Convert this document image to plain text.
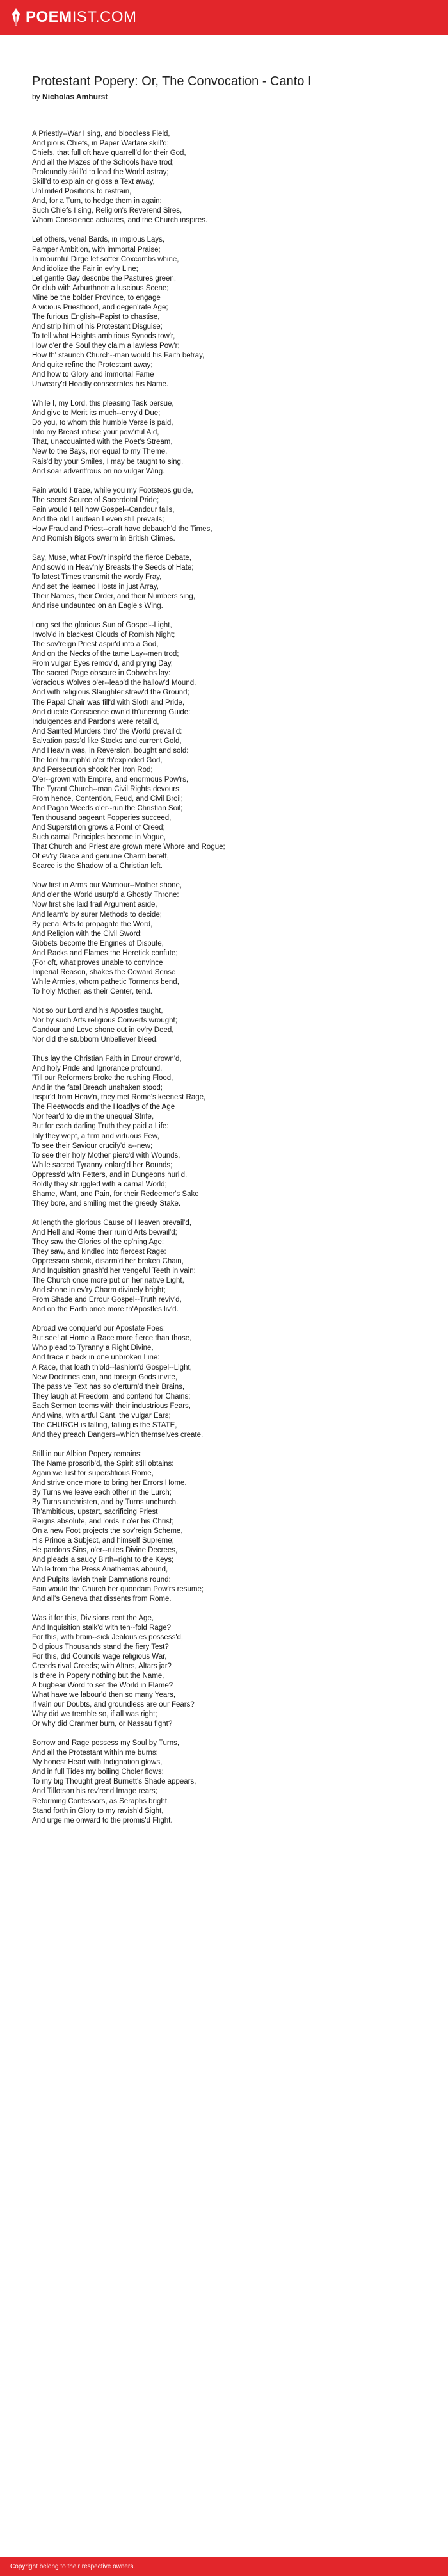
POEMIST.COM
Protestant Popery: Or, The Convocation - Canto I
by Nicholas Amhurst
A Priestly--War I sing, and bloodless Field,
And pious Chiefs, in Paper Warfare skill'd;
Chiefs, that full oft have quarrell'd for their God,
And all the Mazes of the Schools have trod;
Profoundly skill'd to lead the World astray;
Skill'd to explain or gloss a Text away,
Unlimited Positions to restrain,
And, for a Turn, to hedge them in again:
Such Chiefs I sing, Religion's Reverend Sires,
Whom Conscience actuates, and the Church inspires.
Let others, venal Bards, in impious Lays,
Pamper Ambition, with immortal Praise;
In mournful Dirge let softer Coxcombs whine,
And idolize the Fair in ev'ry Line;
Let gentle Gay describe the Pastures green,
Or club with Arburthnott a luscious Scene;
Mine be the bolder Province, to engage
A vicious Priesthood, and degen'rate Age;
The furious English--Papist to chastise,
And strip him of his Protestant Disguise;
To tell what Heights ambitious Synods tow'r,
How o'er the Soul they claim a lawless Pow'r;
How th' staunch Church--man would his Faith betray,
And quite refine the Protestant away;
And how to Glory and immortal Fame
Unweary'd Hoadly consecrates his Name.
While I, my Lord, this pleasing Task persue,
And give to Merit its much--envy'd Due;
Do you, to whom this humble Verse is paid,
Into my Breast infuse your pow'rful Aid,
That, unacquainted with the Poet's Stream,
New to the Bays, nor equal to my Theme,
Rais'd by your Smiles, I may be taught to sing,
And soar advent'rous on no vulgar Wing.
Fain would I trace, while you my Footsteps guide,
The secret Source of Sacerdotal Pride;
Fain would I tell how Gospel--Candour fails,
And the old Laudean Leven still prevails;
How Fraud and Priest--craft have debauch'd the Times,
And Romish Bigots swarm in British Climes.
Say, Muse, what Pow'r inspir'd the fierce Debate,
And sow'd in Heav'nly Breasts the Seeds of Hate;
To latest Times transmit the wordy Fray,
And set the learned Hosts in just Array,
Their Names, their Order, and their Numbers sing,
And rise undaunted on an Eagle's Wing.
Long set the glorious Sun of Gospel--Light,
Involv'd in blackest Clouds of Romish Night;
The sov'reign Priest aspir'd into a God,
And on the Necks of the tame Lay--men trod;
From vulgar Eyes remov'd, and prying Day,
The sacred Page obscure in Cobwebs lay:
Voracious Wolves o'er--leap'd the hallow'd Mound,
And with religious Slaughter strew'd the Ground;
The Papal Chair was fill'd with Sloth and Pride,
And ductile Conscience own'd th'unerring Guide:
Indulgences and Pardons were retail'd,
And Sainted Murders thro' the World prevail'd:
Salvation pass'd like Stocks and current Gold,
And Heav'n was, in Reversion, bought and sold:
The Idol triumph'd o'er th'exploded God,
And Persecution shook her Iron Rod;
O'er--grown with Empire, and enormous Pow'rs,
The Tyrant Church--man Civil Rights devours:
From hence, Contention, Feud, and Civil Broil;
And Pagan Weeds o'er--run the Christian Soil;
Ten thousand pageant Fopperies succeed,
And Superstition grows a Point of Creed;
Such carnal Principles become in Vogue,
That Church and Priest are grown mere Whore and Rogue;
Of ev'ry Grace and genuine Charm bereft,
Scarce is the Shadow of a Christian left.
Now first in Arms our Warriour--Mother shone,
And o'er the World usurp'd a Ghostly Throne:
Now first she laid frail Argument aside,
And learn'd by surer Methods to decide;
By penal Arts to propagate the Word,
And Religion with the Civil Sword;
Gibbets become the Engines of Dispute,
And Racks and Flames the Heretick confute;
(For oft, what proves unable to convince
Imperial Reason, shakes the Coward Sense
While Armies, whom pathetic Torments bend,
To holy Mother, as their Center, tend.
Not so our Lord and his Apostles taught,
Nor by such Arts religious Converts wrought;
Candour and Love shone out in ev'ry Deed,
Nor did the stubborn Unbeliever bleed.
Thus lay the Christian Faith in Errour drown'd,
And holy Pride and Ignorance profound,
'Till our Reformers broke the rushing Flood,
And in the fatal Breach unshaken stood;
Inspir'd from Heav'n, they met Rome's keenest Rage,
The Fleetwoods and the Hoadlys of the Age
Nor fear'd to die in the unequal Strife,
But for each darling Truth they paid a Life:
Inly they wept, a firm and virtuous Few,
To see their Saviour crucify'd a--new;
To see their holy Mother pierc'd with Wounds,
While sacred Tyranny enlarg'd her Bounds;
Oppress'd with Fetters, and in Dungeons hurl'd,
Boldly they struggled with a carnal World;
Shame, Want, and Pain, for their Redeemer's Sake
They bore, and smiling met the greedy Stake.
At length the glorious Cause of Heaven prevail'd,
And Hell and Rome their ruin'd Arts bewail'd;
They saw the Glories of the op'ning Age;
They saw, and kindled into fiercest Rage:
Oppression shook, disarm'd her broken Chain,
And Inquisition gnash'd her vengeful Teeth in vain;
The Church once more put on her native Light,
And shone in ev'ry Charm divinely bright;
From Shade and Errour Gospel--Truth reviv'd,
And on the Earth once more th'Apostles liv'd.
Abroad we conquer'd our Apostate Foes:
But see! at Home a Race more fierce than those,
Who plead to Tyranny a Right Divine,
And trace it back in one unbroken Line:
A Race, that loath th'old--fashion'd Gospel--Light,
New Doctrines coin, and foreign Gods invite,
The passive Text has so o'erturn'd their Brains,
They laugh at Freedom, and contend for Chains;
Each Sermon teems with their industrious Fears,
And wins, with artful Cant, the vulgar Ears;
The CHURCH is falling, falling is the STATE,
And they preach Dangers--which themselves create.
Still in our Albion Popery remains;
The Name proscrib'd, the Spirit still obtains:
Again we lust for superstitious Rome,
And strive once more to bring her Errors Home.
By Turns we leave each other in the Lurch;
By Turns unchristen, and by Turns unchurch.
Th'ambitious, upstart, sacrificing Priest
Reigns absolute, and lords it o'er his Christ;
On a new Foot projects the sov'reign Scheme,
His Prince a Subject, and himself Supreme;
He pardons Sins, o'er--rules Divine Decrees,
And pleads a saucy Birth--right to the Keys;
While from the Press Anathemas abound,
And Pulpits lavish their Damnations round:
Fain would the Church her quondam Pow'rs resume;
And all's Geneva that dissents from Rome.
Was it for this, Divisions rent the Age,
And Inquisition stalk'd with ten--fold Rage?
For this, with brain--sick Jealousies possess'd,
Did pious Thousands stand the fiery Test?
For this, did Councils wage religious War,
Creeds rival Creeds; with Altars, Altars jar?
Is there in Popery nothing but the Name,
A bugbear Word to set the World in Flame?
What have we labour'd then so many Years,
If vain our Doubts, and groundless are our Fears?
Why did we tremble so, if all was right;
Or why did Cranmer burn, or Nassau fight?
Sorrow and Rage possess my Soul by Turns,
And all the Protestant within me burns:
My honest Heart with Indignation glows,
And in full Tides my boiling Choler flows:
To my big Thought great Burnett's Shade appears,
And Tillotson his rev'rend Image rears;
Reforming Confessors, as Seraphs bright,
Stand forth in Glory to my ravish'd Sight,
And urge me onward to the promis'd Flight.
Copyright belong to their respective owners.
